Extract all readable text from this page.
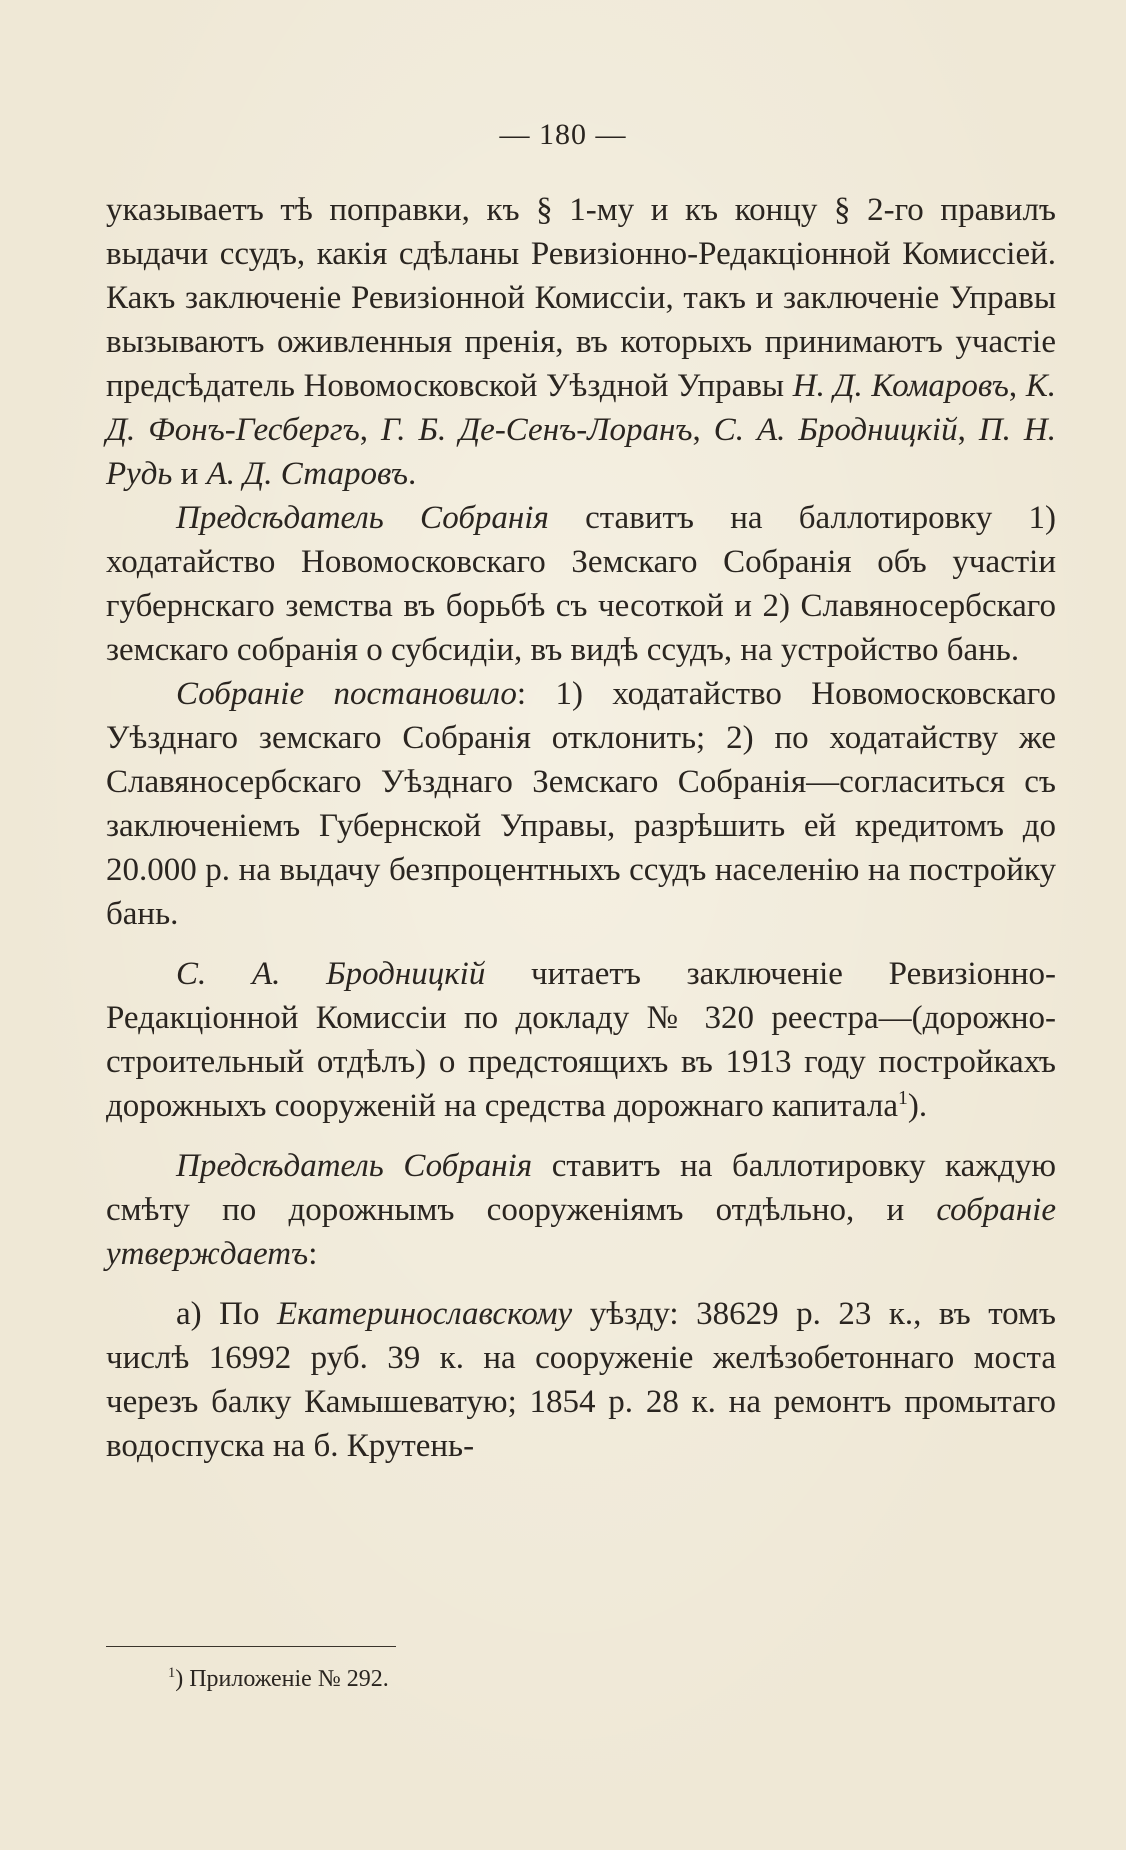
— 180 —

указываетъ тѣ поправки, къ § 1-му и къ концу § 2-го правилъ выдачи ссудъ, какія сдѣланы Ревизіонно-Редакціонной Комиссіей. Какъ заключеніе Ревизіонной Комиссіи, такъ и заключеніе Управы вызываютъ оживленныя пренія, въ которыхъ принимаютъ участіе предсѣдатель Новомосковской Уѣздной Управы Н. Д. Комаровъ, К. Д. Фонъ-Гесбергъ, Г. Б. Де-Сенъ-Лоранъ, С. А. Бродницкій, П. Н. Рудь и А. Д. Старовъ.

Предсѣдатель Собранія ставитъ на баллотировку 1) ходатайство Новомосковскаго Земскаго Собранія объ участіи губернскаго земства въ борьбѣ съ чесоткой и 2) Славяносербскаго земскаго собранія о субсидіи, въ видѣ ссудъ, на устройство бань.

Собраніе постановило: 1) ходатайство Новомосковскаго Уѣзднаго земскаго Собранія отклонить; 2) по ходатайству же Славяносербскаго Уѣзднаго Земскаго Собранія—согласиться съ заключеніемъ Губернской Управы, разрѣшить ей кредитомъ до 20.000 р. на выдачу безпроцентныхъ ссудъ населенію на постройку бань.

С. А. Бродницкій читаетъ заключеніе Ревизіонно-Редакціонной Комиссіи по докладу № 320 реестра—(дорожно-строительный отдѣлъ) о предстоящихъ въ 1913 году постройкахъ дорожныхъ сооруженій на средства дорожнаго капитала$^1$).

Предсѣдатель Собранія ставитъ на баллотировку каждую смѣту по дорожнымъ сооруженіямъ отдѣльно, и собраніе утверждаетъ:

а) По Екатеринославскому уѣзду: 38629 р. 23 к., въ томъ числѣ 16992 руб. 39 к. на сооруженіе желѣзобетоннаго моста черезъ балку Камышеватую; 1854 р. 28 к. на ремонтъ промытаго водоспуска на б. Крутень-

$^1$) Приложеніе № 292.
